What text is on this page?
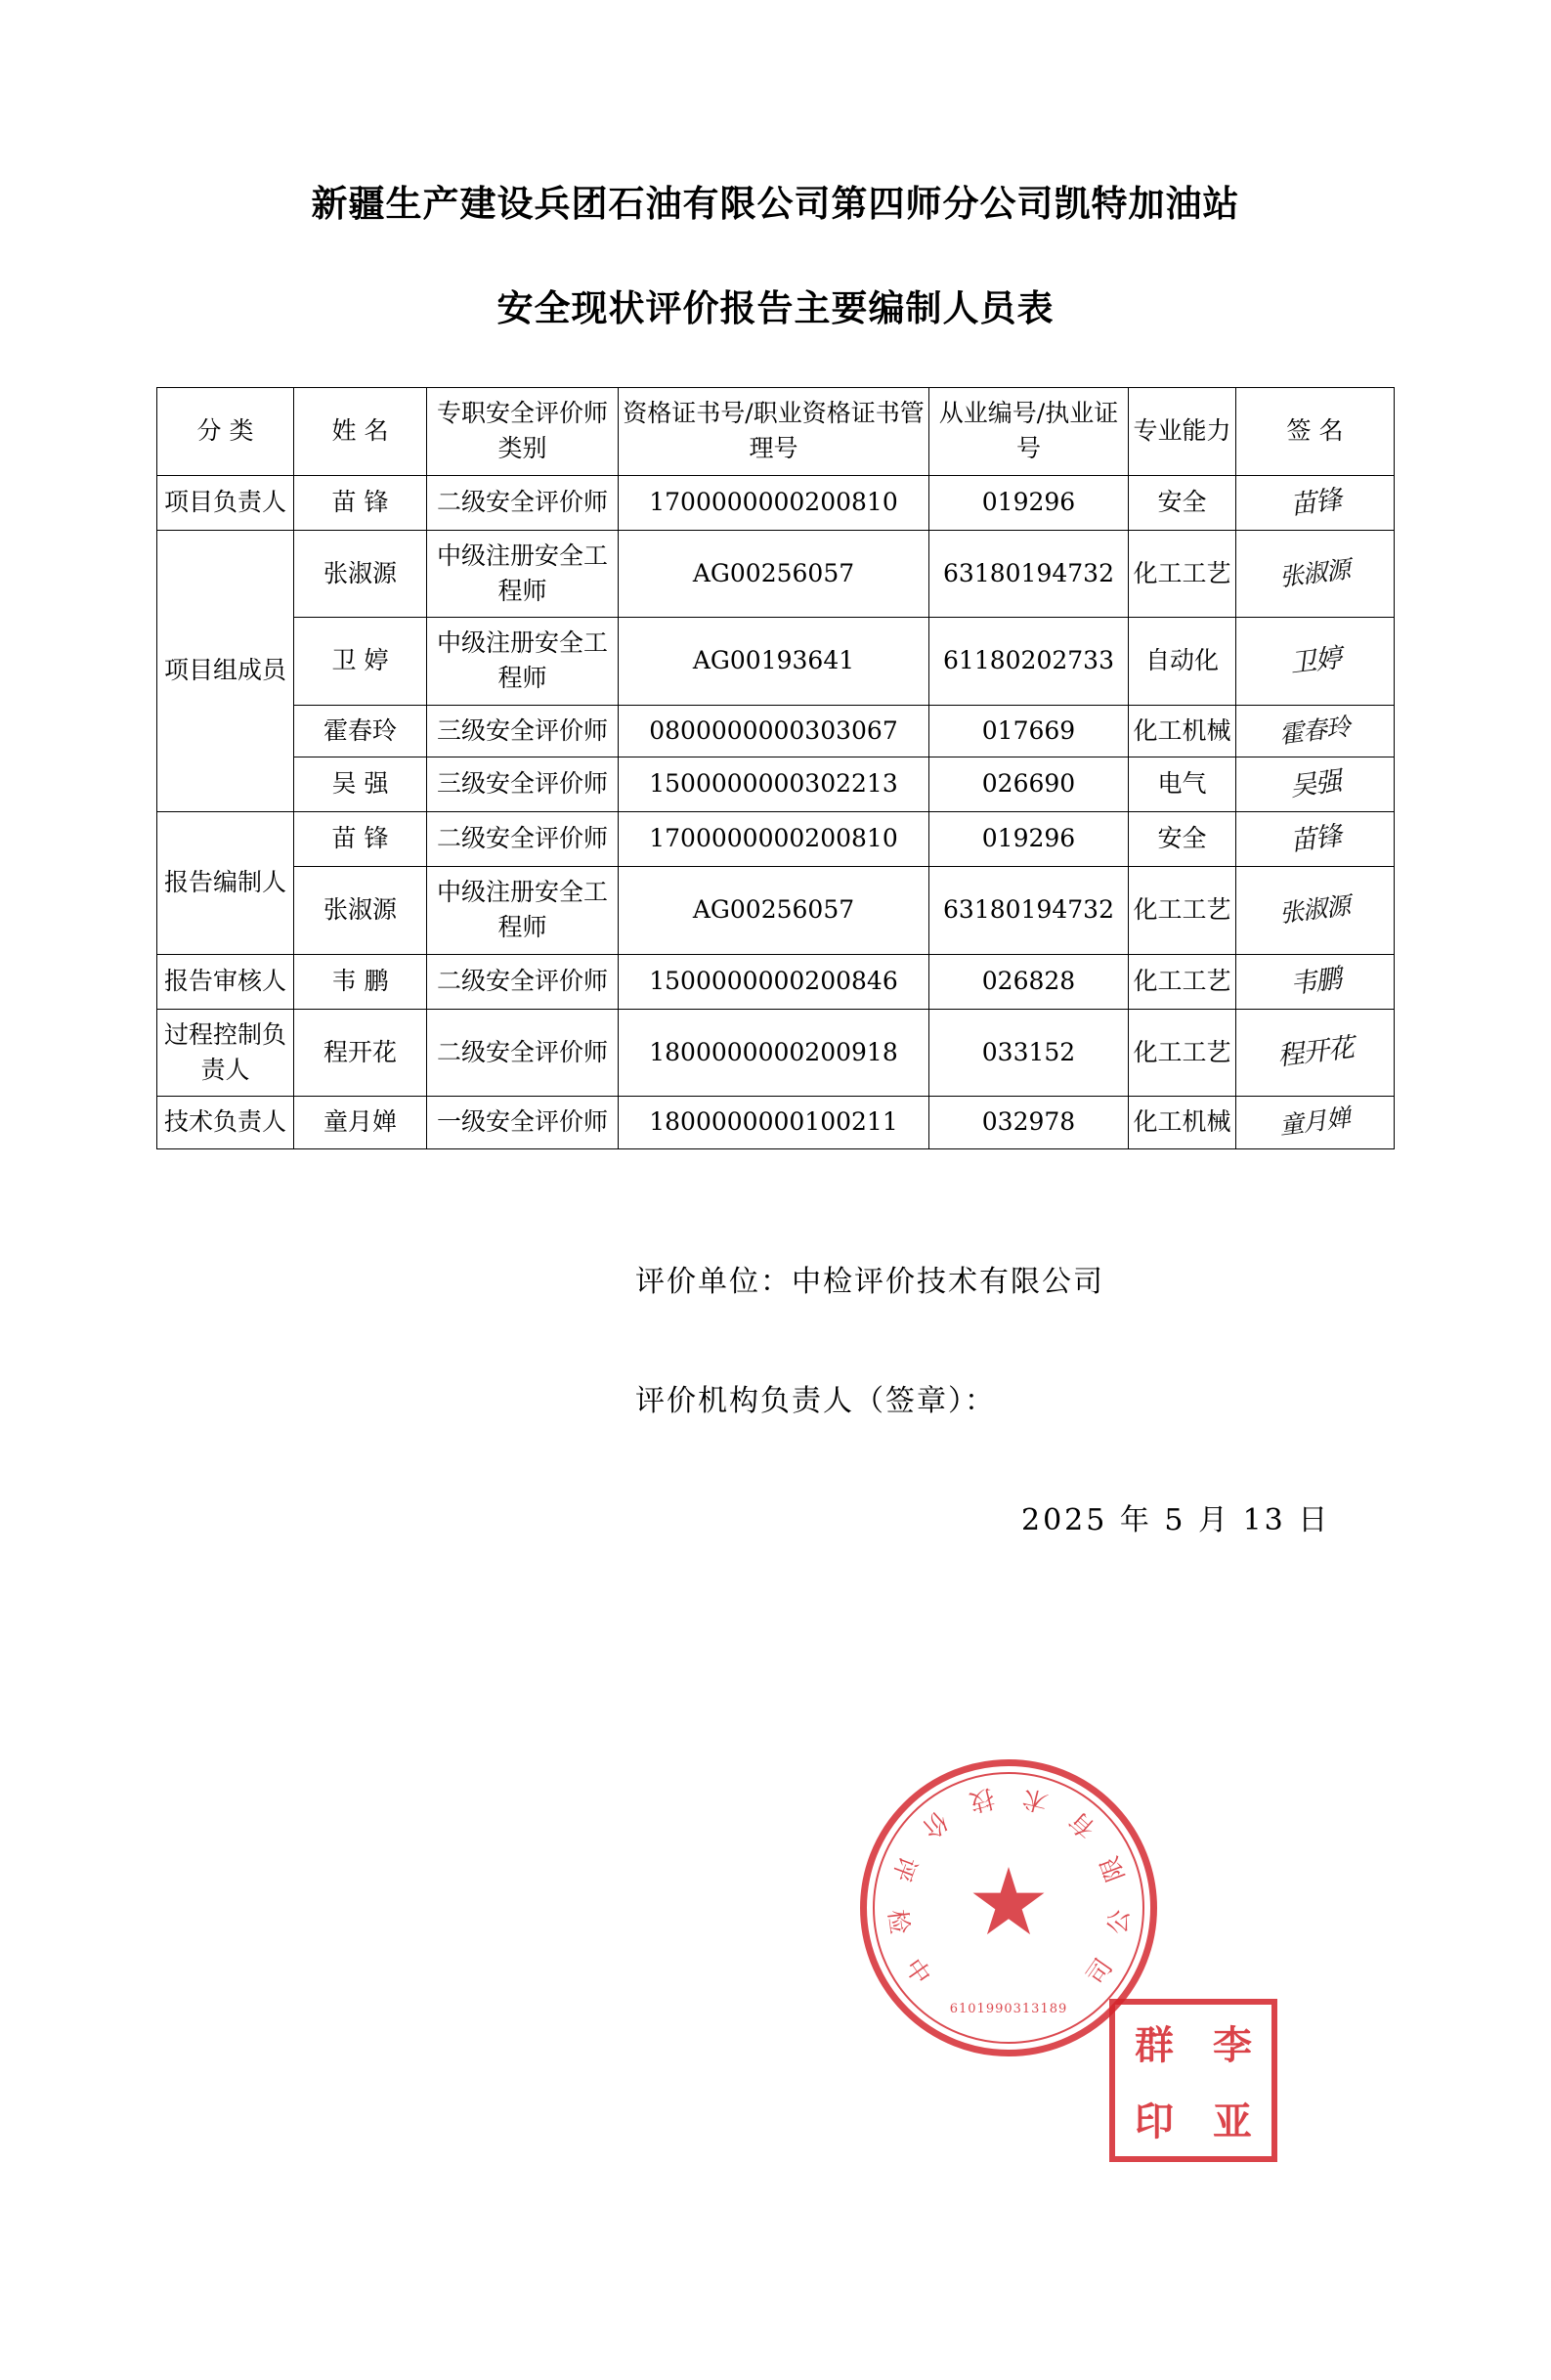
新疆生产建设兵团石油有限公司第四师分公司凯特加油站
安全现状评价报告主要编制人员表
分 类	姓 名	专职安全评价师类别	资格证书号/职业资格证书管理号	从业编号/执业证号	专业能力	签 名
项目负责人	苗 锋	二级安全评价师	1700000000200810	019296	安全	苗锋
项目组成员	张淑源	中级注册安全工程师	AG00256057	63180194732	化工工艺	张淑源
	卫 婷	中级注册安全工程师	AG00193641	61180202733	自动化	卫婷
	霍春玲	三级安全评价师	0800000000303067	017669	化工机械	霍春玲
	吴 强	三级安全评价师	1500000000302213	026690	电气	吴强
报告编制人	苗 锋	二级安全评价师	1700000000200810	019296	安全	苗锋
	张淑源	中级注册安全工程师	AG00256057	63180194732	化工工艺	张淑源
报告审核人	韦 鹏	二级安全评价师	1500000000200846	026828	化工工艺	韦鹏
过程控制负责人	程开花	二级安全评价师	1800000000200918	033152	化工工艺	程开花
技术负责人	童月婵	一级安全评价师	1800000000100211	032978	化工机械	童月婵
评价单位：中检评价技术有限公司
评价机构负责人（签章）：
2025 年 5 月 13 日
中
检
评
价
技 术
有
限
公
司
6101990313189
群 李
印 亚
